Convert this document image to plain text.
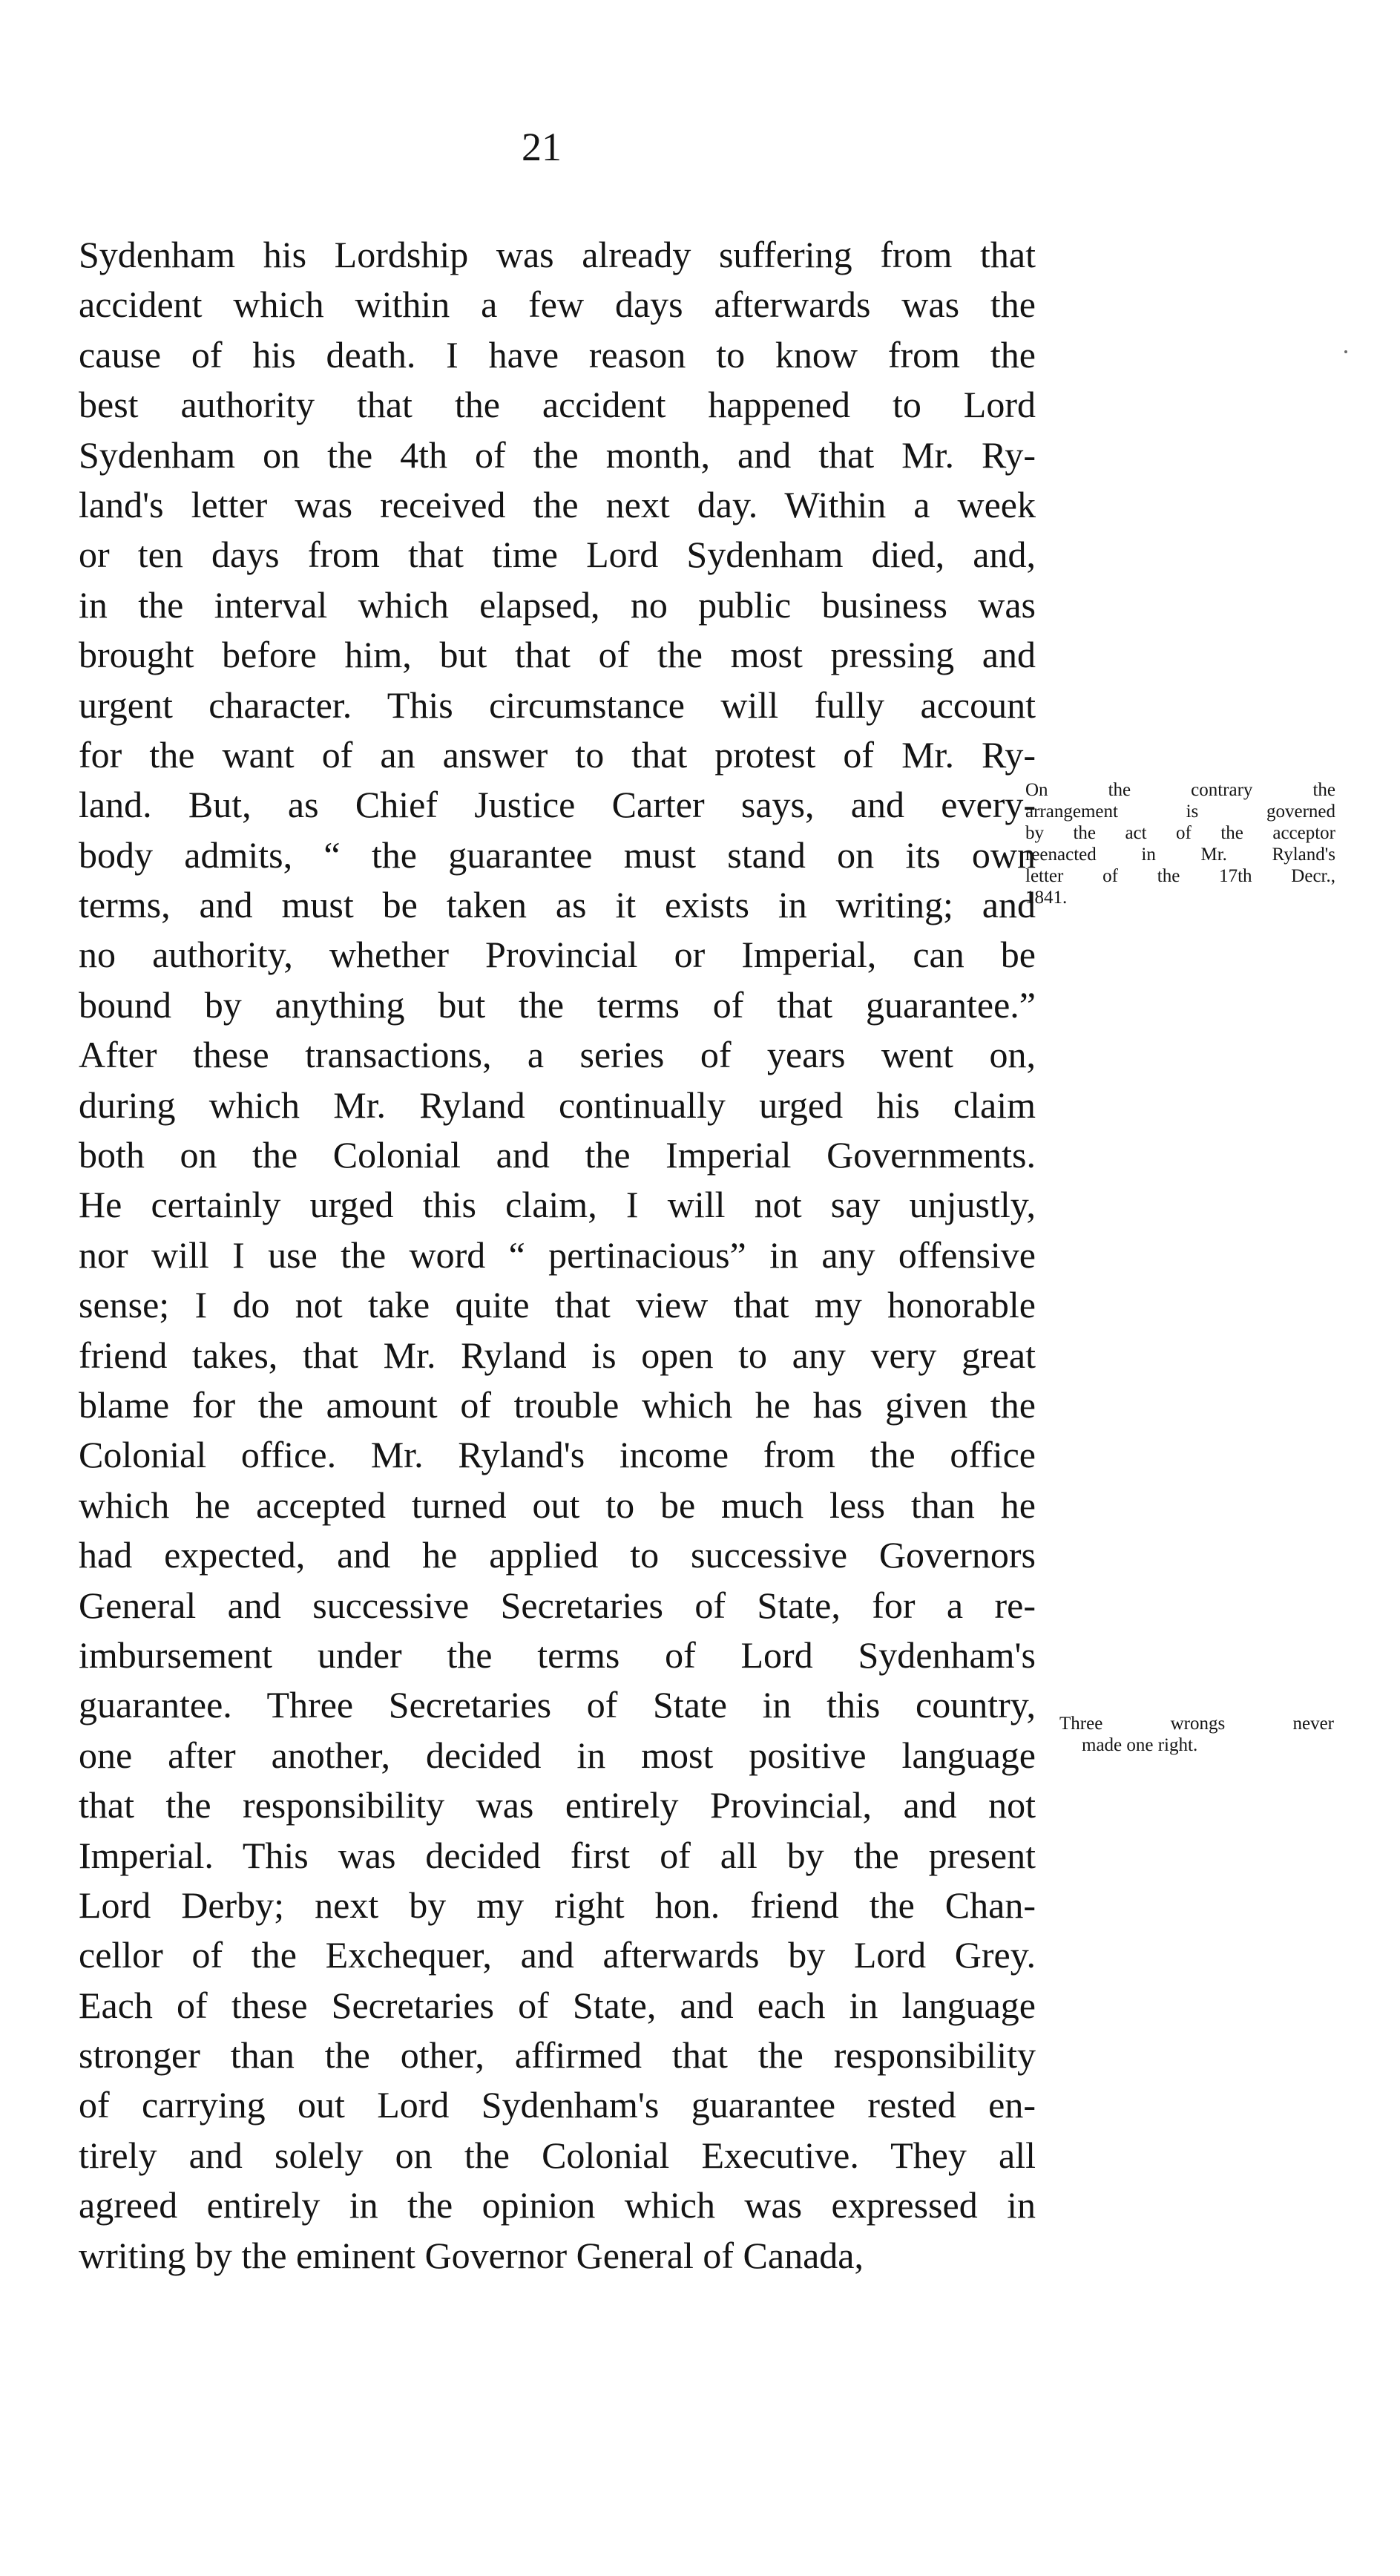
21
Sydenham his Lordship was already suffering from that
accident which within a few days afterwards was the
cause of his death. I have reason to know from the
best authority that the accident happened to Lord
Sydenham on the 4th of the month, and that Mr. Ry-
land's letter was received the next day. Within a week
or ten days from that time Lord Sydenham died, and,
in the interval which elapsed, no public business was
brought before him, but that of the most pressing and
urgent character. This circumstance will fully account
for the want of an answer to that protest of Mr. Ry-
land. But, as Chief Justice Carter says, and every-
body admits, “ the guarantee must stand on its own
terms, and must be taken as it exists in writing; and
no authority, whether Provincial or Imperial, can be
bound by anything but the terms of that guarantee.”
After these transactions, a series of years went on,
during which Mr. Ryland continually urged his claim
both on the Colonial and the Imperial Governments.
He certainly urged this claim, I will not say unjustly,
nor will I use the word “ pertinacious” in any offensive
sense; I do not take quite that view that my honorable
friend takes, that Mr. Ryland is open to any very great
blame for the amount of trouble which he has given the
Colonial office. Mr. Ryland's income from the office
which he accepted turned out to be much less than he
had expected, and he applied to successive Governors
General and successive Secretaries of State, for a re-
imbursement under the terms of Lord Sydenham's
guarantee. Three Secretaries of State in this country,
one after another, decided in most positive language
that the responsibility was entirely Provincial, and not
Imperial. This was decided first of all by the present
Lord Derby; next by my right hon. friend the Chan-
cellor of the Exchequer, and afterwards by Lord Grey.
Each of these Secretaries of State, and each in language
stronger than the other, affirmed that the responsibility
of carrying out Lord Sydenham's guarantee rested en-
tirely and solely on the Colonial Executive. They all
agreed entirely in the opinion which was expressed in
writing by the eminent Governor General of Canada,
On the contrary the
arrangement is governed
by the act of the acceptor
reenacted in Mr. Ryland's
letter of the 17th Decr.,
1841.
Three wrongs never
made one right.
